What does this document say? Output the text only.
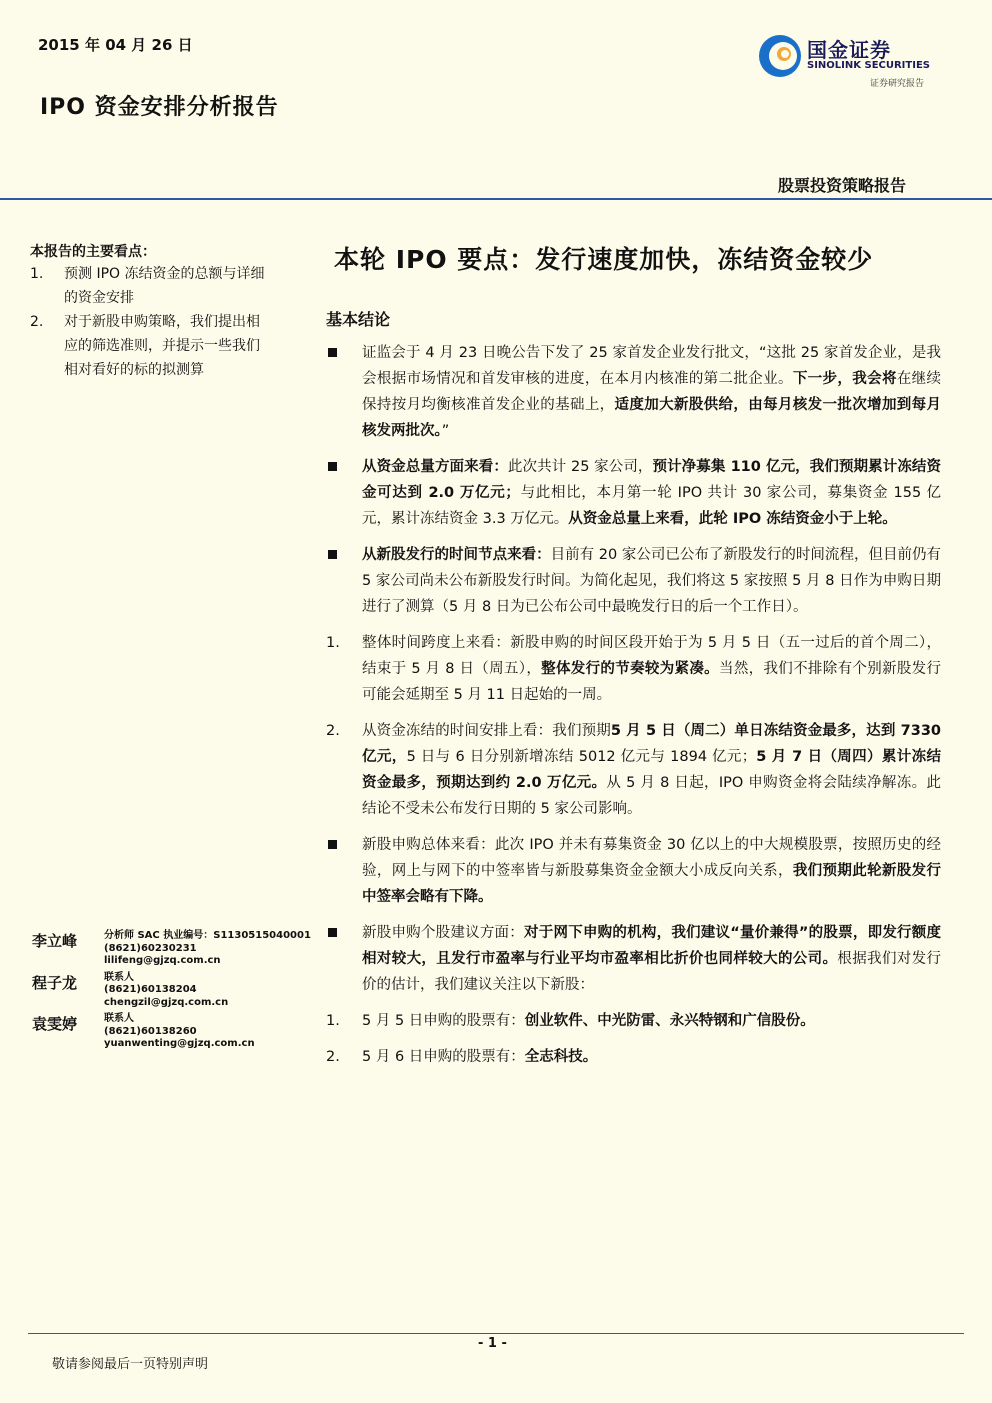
2015 年 04 月 26 日
IPO 资金安排分析报告
国金证券
SINOLINK SECURITIES
证券研究报告
股票投资策略报告
本报告的主要看点：
1.	预测 IPO 冻结资金的总额与详细的资金安排
2.	对于新股申购策略，我们提出相应的筛选准则，并提示一些我们相对看好的标的拟测算
本轮 IPO 要点：发行速度加快，冻结资金较少
基本结论
证监会于 4 月 23 日晚公告下发了 25 家首发企业发行批文，“这批 25 家首发企业，是我会根据市场情况和首发审核的进度，在本月内核准的第二批企业。下一步，我会将在继续保持按月均衡核准首发企业的基础上，适度加大新股供给，由每月核发一批次增加到每月核发两批次。”
从资金总量方面来看：此次共计 25 家公司，预计净募集 110 亿元，我们预期累计冻结资金可达到 2.0 万亿元；与此相比，本月第一轮 IPO 共计 30 家公司，募集资金 155 亿元，累计冻结资金 3.3 万亿元。从资金总量上来看，此轮 IPO 冻结资金小于上轮。
从新股发行的时间节点来看：目前有 20 家公司已公布了新股发行的时间流程，但目前仍有 5 家公司尚未公布新股发行时间。为简化起见，我们将这 5 家按照 5 月 8 日作为申购日期进行了测算（5 月 8 日为已公布公司中最晚发行日的后一个工作日）。
1.	整体时间跨度上来看：新股申购的时间区段开始于为 5 月 5 日（五一过后的首个周二），结束于 5 月 8 日（周五），整体发行的节奏较为紧凑。当然，我们不排除有个别新股发行可能会延期至 5 月 11 日起始的一周。
2.	从资金冻结的时间安排上看：我们预期5 月 5 日（周二）单日冻结资金最多，达到 7330 亿元，5 日与 6 日分别新增冻结 5012 亿元与 1894 亿元；5 月 7 日（周四）累计冻结资金最多，预期达到约 2.0 万亿元。从 5 月 8 日起，IPO 申购资金将会陆续净解冻。此结论不受未公布发行日期的 5 家公司影响。
新股申购总体来看：此次 IPO 并未有募集资金 30 亿以上的中大规模股票，按照历史的经验，网上与网下的中签率皆与新股募集资金金额大小成反向关系，我们预期此轮新股发行中签率会略有下降。
新股申购个股建议方面：对于网下申购的机构，我们建议“量价兼得”的股票，即发行额度相对较大，且发行市盈率与行业平均市盈率相比折价也同样较大的公司。根据我们对发行价的估计，我们建议关注以下新股：
1.	5 月 5 日申购的股票有：创业软件、中光防雷、永兴特钢和广信股份。
2.	5 月 6 日申购的股票有：全志科技。
李立峰	分析师 SAC 执业编号：S1130515040001
(8621)60230231
lilifeng@gjzq.com.cn
程子龙	联系人
(8621)60138204
chengzil@gjzq.com.cn
袁雯婷	联系人
(8621)60138260
yuanwenting@gjzq.com.cn
- 1 -
敬请参阅最后一页特别声明
